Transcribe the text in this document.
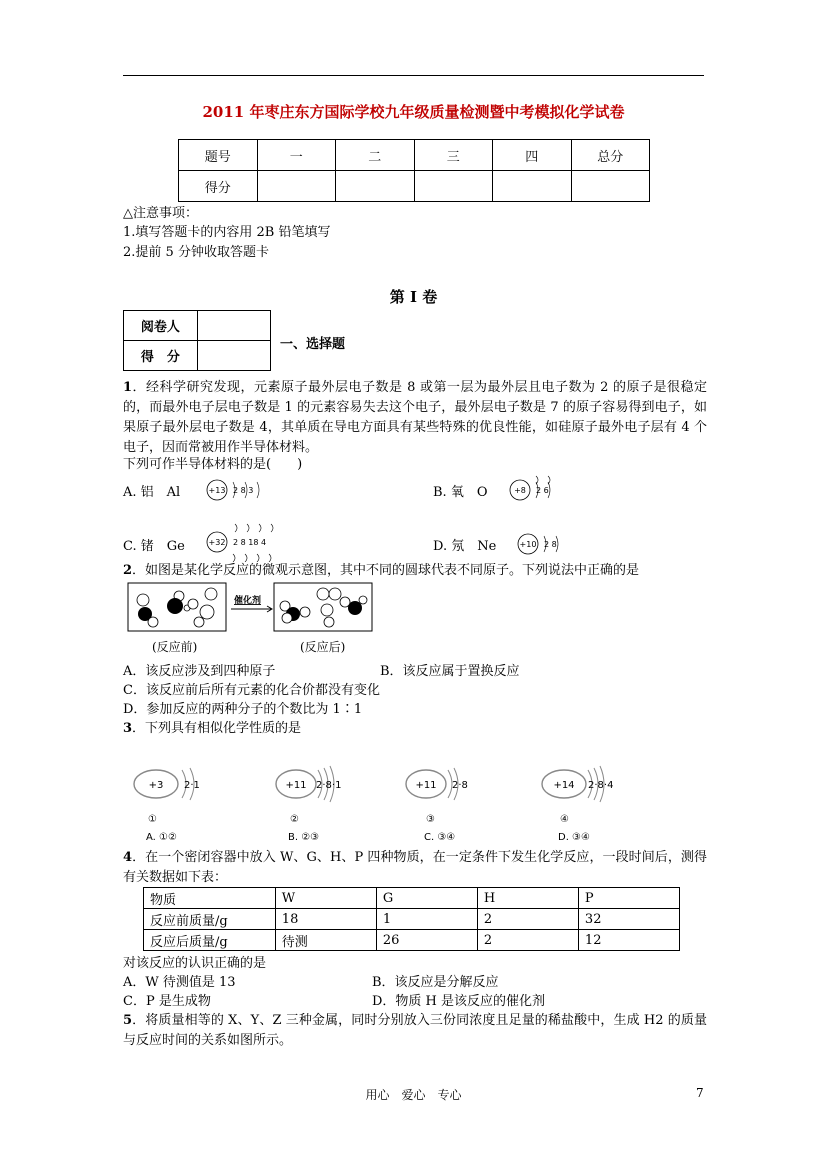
2011 年枣庄东方国际学校九年级质量检测暨中考模拟化学试卷
题号	一	二	三	四	总分
得分					
△注意事项：
1.填写答题卡的内容用 2B 铅笔填写
2.提前 5 分钟收取答题卡
第 I 卷
阅卷人	
得　分	
一、选择题
1．经科学研究发现，元素原子最外层电子数是 8 或第一层为最外层且电子数为 2 的原子是很稳定的，而最外电子层电子数是 1 的元素容易失去这个电子，最外层电子数是 7 的原子容易得到电子，如果原子最外层电子数是 4，其单质在导电方面具有某些特殊的优良性能，如硅原子最外电子层有 4 个电子，因而常被用作半导体材料。
下列可作半导体材料的是(　　)
A. 铝　Al	+13 2 8 3	B. 氧　O	+8 2 6
C. 锗　Ge	+32 2 8 18 4	D. 氖　Ne	+10 2 8
2．如图是某化学反应的微观示意图，其中不同的圆球代表不同原子。下列说法中正确的是
催化剂
(反应前)	(反应后)
A．该反应涉及到四种原子	B．该反应属于置换反应
C．该反应前后所有元素的化合价都没有变化
D．参加反应的两种分子的个数比为 1∶1
3．下列具有相似化学性质的是
+3 2·1
①
A. ①②
+11 2·8·1
②
B. ②③
+11 2·8
③
C. ③④
+14 2·8·4
④
D. ③④
4．在一个密闭容器中放入 W、G、H、P 四种物质，在一定条件下发生化学反应，一段时间后，测得有关数据如下表：
物质	W	G	H	P
反应前质量/g	18	1	2	32
反应后质量/g	待测	26	2	12
对该反应的认识正确的是
A．W 待测值是 13	B．该反应是分解反应
C．P 是生成物	D．物质 H 是该反应的催化剂
5．将质量相等的 X、Y、Z 三种金属，同时分别放入三份同浓度且足量的稀盐酸中，生成 H2 的质量与反应时间的关系如图所示。
用心　爱心　专心	7
